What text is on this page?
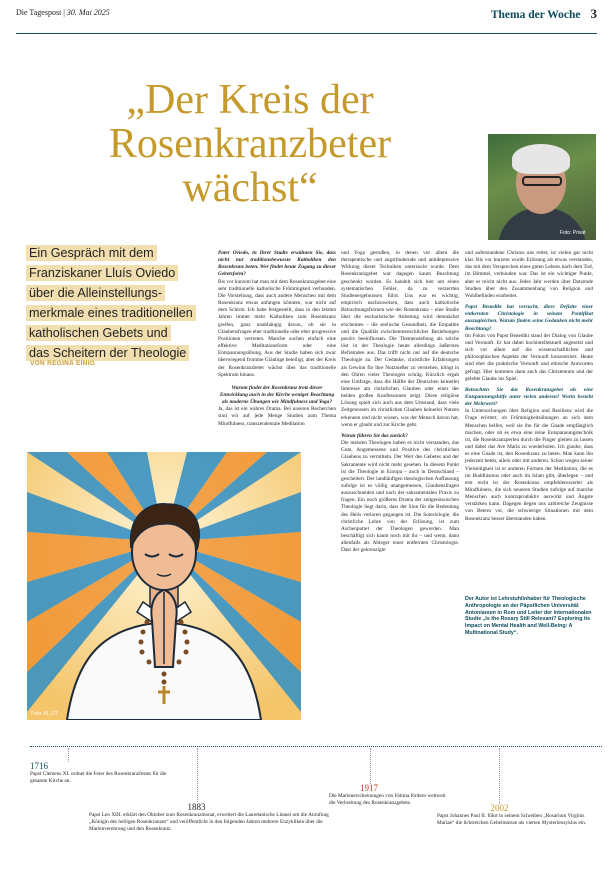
Die Tagespost | 30. Mai 2025	Thema der Woche 3
„Der Kreis der
Rosenkranzbeter
wächst“
Foto: Privat
Ein Gespräch mit dem
Franziskaner Lluís Oviedo
über die Alleinstellungs-
merkmale eines traditionellen
katholischen Gebets und
das Scheitern der Theologie
VON REGINA EINIG

Pater Oviedo, in Ihrer Studie erwähnen Sie, dass nicht nur traditionsbewusste Katholiken den Rosenkranz beten. Wer findet heute Zugang zu dieser Gebetsform?

Bis vor kurzem hat man mit dem Rosenkranzgebet eine sehr traditionelle katholische Frömmigkeit verbunden. Die Vorstellung, dass auch andere Menschen mit dem Rosenkranz etwas anfangen könnten, war nicht auf dem Schirm. Ich habe festgestellt, dass in den letzten Jahren immer mehr Katholiken zum Rosenkranz greifen, ganz unabhängig davon, ob sie in Glaubensfragen eher traditionelle oder eher progressive Positionen vertreten. Manche suchen einfach eine effektive Meditationsform oder eine Entspannungsübung. Aus der Studie haben sich zwar überwiegend fromme Gläubige beteiligt, aber der Kreis der Rosenkranzbeter wächst über das traditionelle Spektrum hinaus.

Warum findet der Rosenkranz trotz dieser Entwicklung auch in der Kirche weniger Beachtung als moderne Übungen wie Mindfulness und Yoga?

Ja, das ist ein wahres Drama. Bei unseren Recherchen sind wir auf jede Menge Studien zum Thema Mindfulness, transzendentale Meditation

und Yoga gestoßen, in denen vor allem die therapeutische und angstlindernde und antidepressive Wirkung dieser Techniken untersucht wurde. Dem Rosenkranzgebet war dagegen kaum Beachtung geschenkt worden. Es handelt sich hier um einen systematischen Fehler, da zu verzerrten Studienergebnissen führt. Uns war es wichtig, empirisch nachzuweisen, dass auch katholische Betrachtungsformen wie der Rosenkranz – eine Studie über die eucharistische Anbetung wird demnächst erscheinen – die seelische Gesundheit, die Empathie und die Qualität zwischenmenschlicher Beziehungen positiv beeinflussen. Die Themenstellung als solche löst in der Theologie heute allerdings äußerstes Befremden aus. Das trifft nicht nur auf die deutsche Theologie zu. Der Gedanke, christliche Erfahrungen als Gewinn für ihre Nutznießer zu verstehen, klingt in den Ohren vieler Theologen schräg. Kürzlich ergab eine Umfrage, dass die Hälfte der Deutschen keinerlei Interesse am christlichen Glauben oder einer der beiden großen Konfessionen zeigt. Diese religiöse Lösung spielt sich auch aus dem Umstand, dass viele Zeitgenossen im christlichen Glauben keinerlei Nutzen erkennen und nicht wissen, was der Mensch davon hat, wenn er glaubt und zur Kirche geht.

Woran führen Sie das zurück?

Die meisten Theologen haben es nicht verstanden, das Gute, Angemessene und Positive des christlichen Glaubens zu vermitteln. Der Wert des Gebetes und der Sakramente wird nicht mehr gesehen. In diesem Punkt ist die Theologie in Europa – auch in Deutschland – gescheitert. Der landläufigen theologischen Auffassung zufolge ist es völlig unangemessen, Glaubensfragen auszuschneiden und nach der sakramentalen Praxis zu fragen. Ein noch größeres Drama der zeitgenössischen Theologie liegt darin, dass der Sinn für die Bedeutung des Heils verloren gegangen ist. Die Soteriologie, die christliche Lehre von der Erlösung, ist zum Aschenputtel der Theologen geworden. Man beschäftigt sich kaum noch mit ihr – und wenn, dann allenfalls als Ableger einer entfernten Christologie. Dass der gekreuzigte

und auferstandene Christus uns rettet, ist vielen gar nicht klar. Bis vor kurzem wurde Erlösung als etwas verstanden, das mit dem Versprechen eines guten Lebens nach dem Tod, im Himmel, verbunden war. Das ist ein wichtiger Punkt, aber er reicht nicht aus. Jedes Jahr werden über Dutzende Studien über den Zusammenhang von Religion und Wohlbefinden erarbeitet.

Papst Benedikt hat versucht, diese Defizite einer entkernten Christologie in seinem Pontifikat auszugleichen. Warum finden seine Gedanken nicht mehr Beachtung?

Im Fokus von Papst Benedikt stand der Dialog von Glaube und Vernunft. Er hat dabei hochintellektuell angesetzt und sich vor allem auf die wissenschaftlichen und philosophischen Aspekte der Vernunft konzentriert. Heute sind eher die praktische Vernunft und ethische Antworten gefragt. Hier kommen dann auch das Christentum und der gelebte Glaube ins Spiel.

Betrachten Sie das Rosenkranzgebet als eine Entspannungshilfe unter vielen anderen? Worin besteht der Mehrwert?

In Untersuchungen über Religion und Resilienz wird die Frage erörtert, ob Frömmigkeitsübungen an sich dem Menschen helfen, weil sie ihn für die Gnade empfänglich machen, oder ob es etwa eine reine Entspannungstechnik ist, die Rosenkranzperlen durch die Finger gleiten zu lassen und dabei das Ave Maria zu wiederholen. Ich glaube, dass es eine Gnade ist, den Rosenkranz zu beten. Man kann ihn jederzeit beten, allein oder mit anderen. Schon wegen seiner Vielseitigkeit ist er anderen Formen der Meditation, die es im Buddhismus oder auch im Islam gibt, überlegen – und erst recht ist der Rosenkranz empfehlenswerter als Mindfulness, die sich neueren Studien zufolge auf manche Menschen auch kontraproduktiv auswirkt und Ängste verstärken kann. Dagegen liegen uns zahlreiche Zeugnisse von Betern vor, die schwierige Situationen mit dem Rosenkranz besser überstanden haben.

Der Autor ist Lehrstuhlinhaber für Theologische Anthropologie an der Päpstlichen Universität Antonianum in Rom und Leiter der internationalen Studie „Is the Rosary Still Relevant? Exploring its Impact on Mental Health and Well-Being: A Multinational Study“.
Foto: KI, DT
1716
Papst Clemens XI. ordnet die Feier des Rosenkranzfestes für die gesamte Kirche an.
1883
Papst Leo XIII. erklärt den Oktober zum Rosenkranzmonat, erweitert die Lauretanische Litanei um die Anrufung „Königin des heiligen Rosenkranzes“ und veröffentlicht in den folgenden Jahren mehrere Enzykliken über die Marienverehrung und den Rosenkranz.
1917
Die Marienerscheinungen von Fátima fördern weltweit die Verbreitung des Rosenkranzgebets.
2002
Papst Johannes Paul II. führt in seinem Schreiben „Rosarium Virginis Mariae“ die lichtreichen Geheimnisse als vierten Mysterienzyklus ein.
